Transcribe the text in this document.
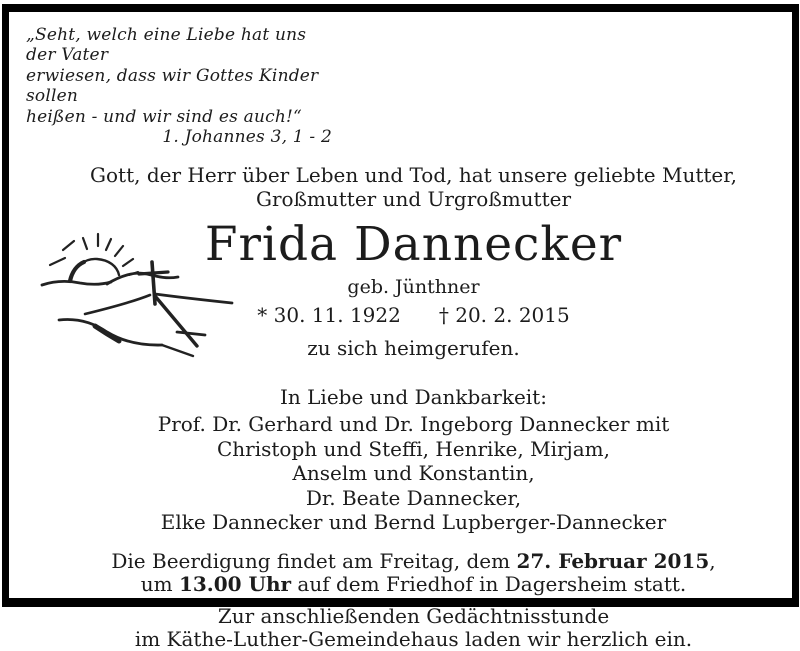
„Seht, welch eine Liebe hat uns der Vater
erwiesen, dass wir Gottes Kinder sollen
heißen - und wir sind es auch!“
1. Johannes 3, 1 - 2
Gott, der Herr über Leben und Tod, hat unsere geliebte Mutter,
Großmutter und Urgroßmutter
Frida Dannecker
geb. Jünthner
* 30. 11. 1922 † 20. 2. 2015
zu sich heimgerufen.
In Liebe und Dankbarkeit:
Prof. Dr. Gerhard und Dr. Ingeborg Dannecker mit
Christoph und Steffi, Henrike, Mirjam,
Anselm und Konstantin,
Dr. Beate Dannecker,
Elke Dannecker und Bernd Lupberger-Dannecker
Die Beerdigung findet am Freitag, dem 27. Februar 2015,
um 13.00 Uhr auf dem Friedhof in Dagersheim statt.
Zur anschließenden Gedächtnisstunde
im Käthe-Luther-Gemeindehaus laden wir herzlich ein.
